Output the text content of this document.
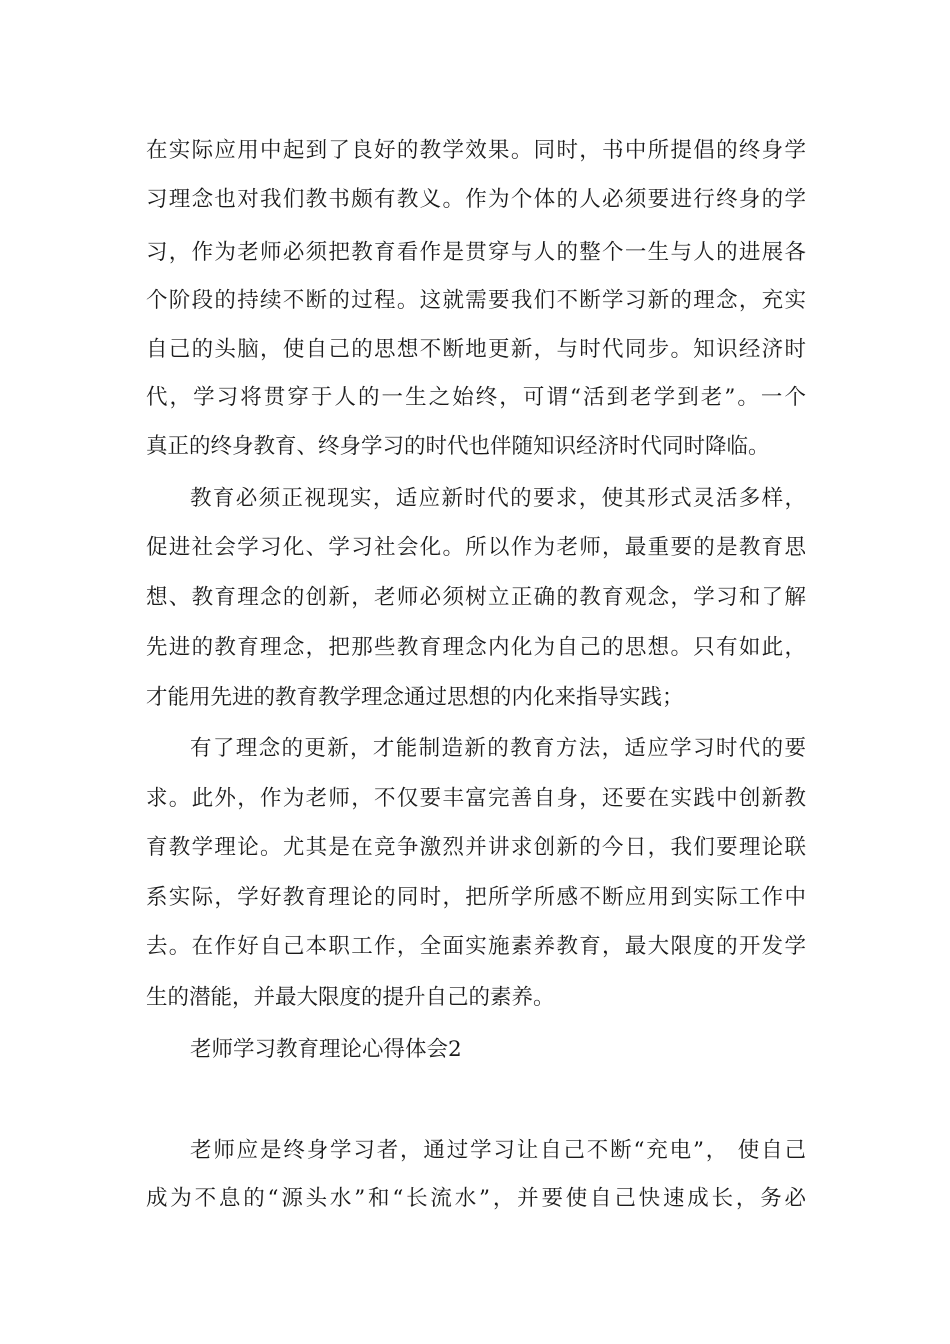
在实际应用中起到了良好的教学效果。同时，书中所提倡的终身学
习理念也对我们教书颇有教义。作为个体的人必须要进行终身的学
习，作为老师必须把教育看作是贯穿与人的整个一生与人的进展各
个阶段的持续不断的过程。这就需要我们不断学习新的理念，充实
自己的头脑，使自己的思想不断地更新，与时代同步。知识经济时
代，学习将贯穿于人的一生之始终，可谓“活到老学到老”。一个
真正的终身教育、终身学习的时代也伴随知识经济时代同时降临。
教育必须正视现实，适应新时代的要求，使其形式灵活多样，
促进社会学习化、学习社会化。所以作为老师，最重要的是教育思
想、教育理念的创新，老师必须树立正确的教育观念，学习和了解
先进的教育理念，把那些教育理念内化为自己的思想。只有如此，
才能用先进的教育教学理念通过思想的内化来指导实践；
有了理念的更新，才能制造新的教育方法，适应学习时代的要
求。此外，作为老师，不仅要丰富完善自身，还要在实践中创新教
育教学理论。尤其是在竞争激烈并讲求创新的今日，我们要理论联
系实际，学好教育理论的同时，把所学所感不断应用到实际工作中
去。在作好自己本职工作，全面实施素养教育，最大限度的开发学
生的潜能，并最大限度的提升自己的素养。
老师学习教育理论心得体会2
老师应是终身学习者，通过学习让自己不断“充电”， 使自己
成为不息的“源头水”和“长流水”，并要使自己快速成长，务必
